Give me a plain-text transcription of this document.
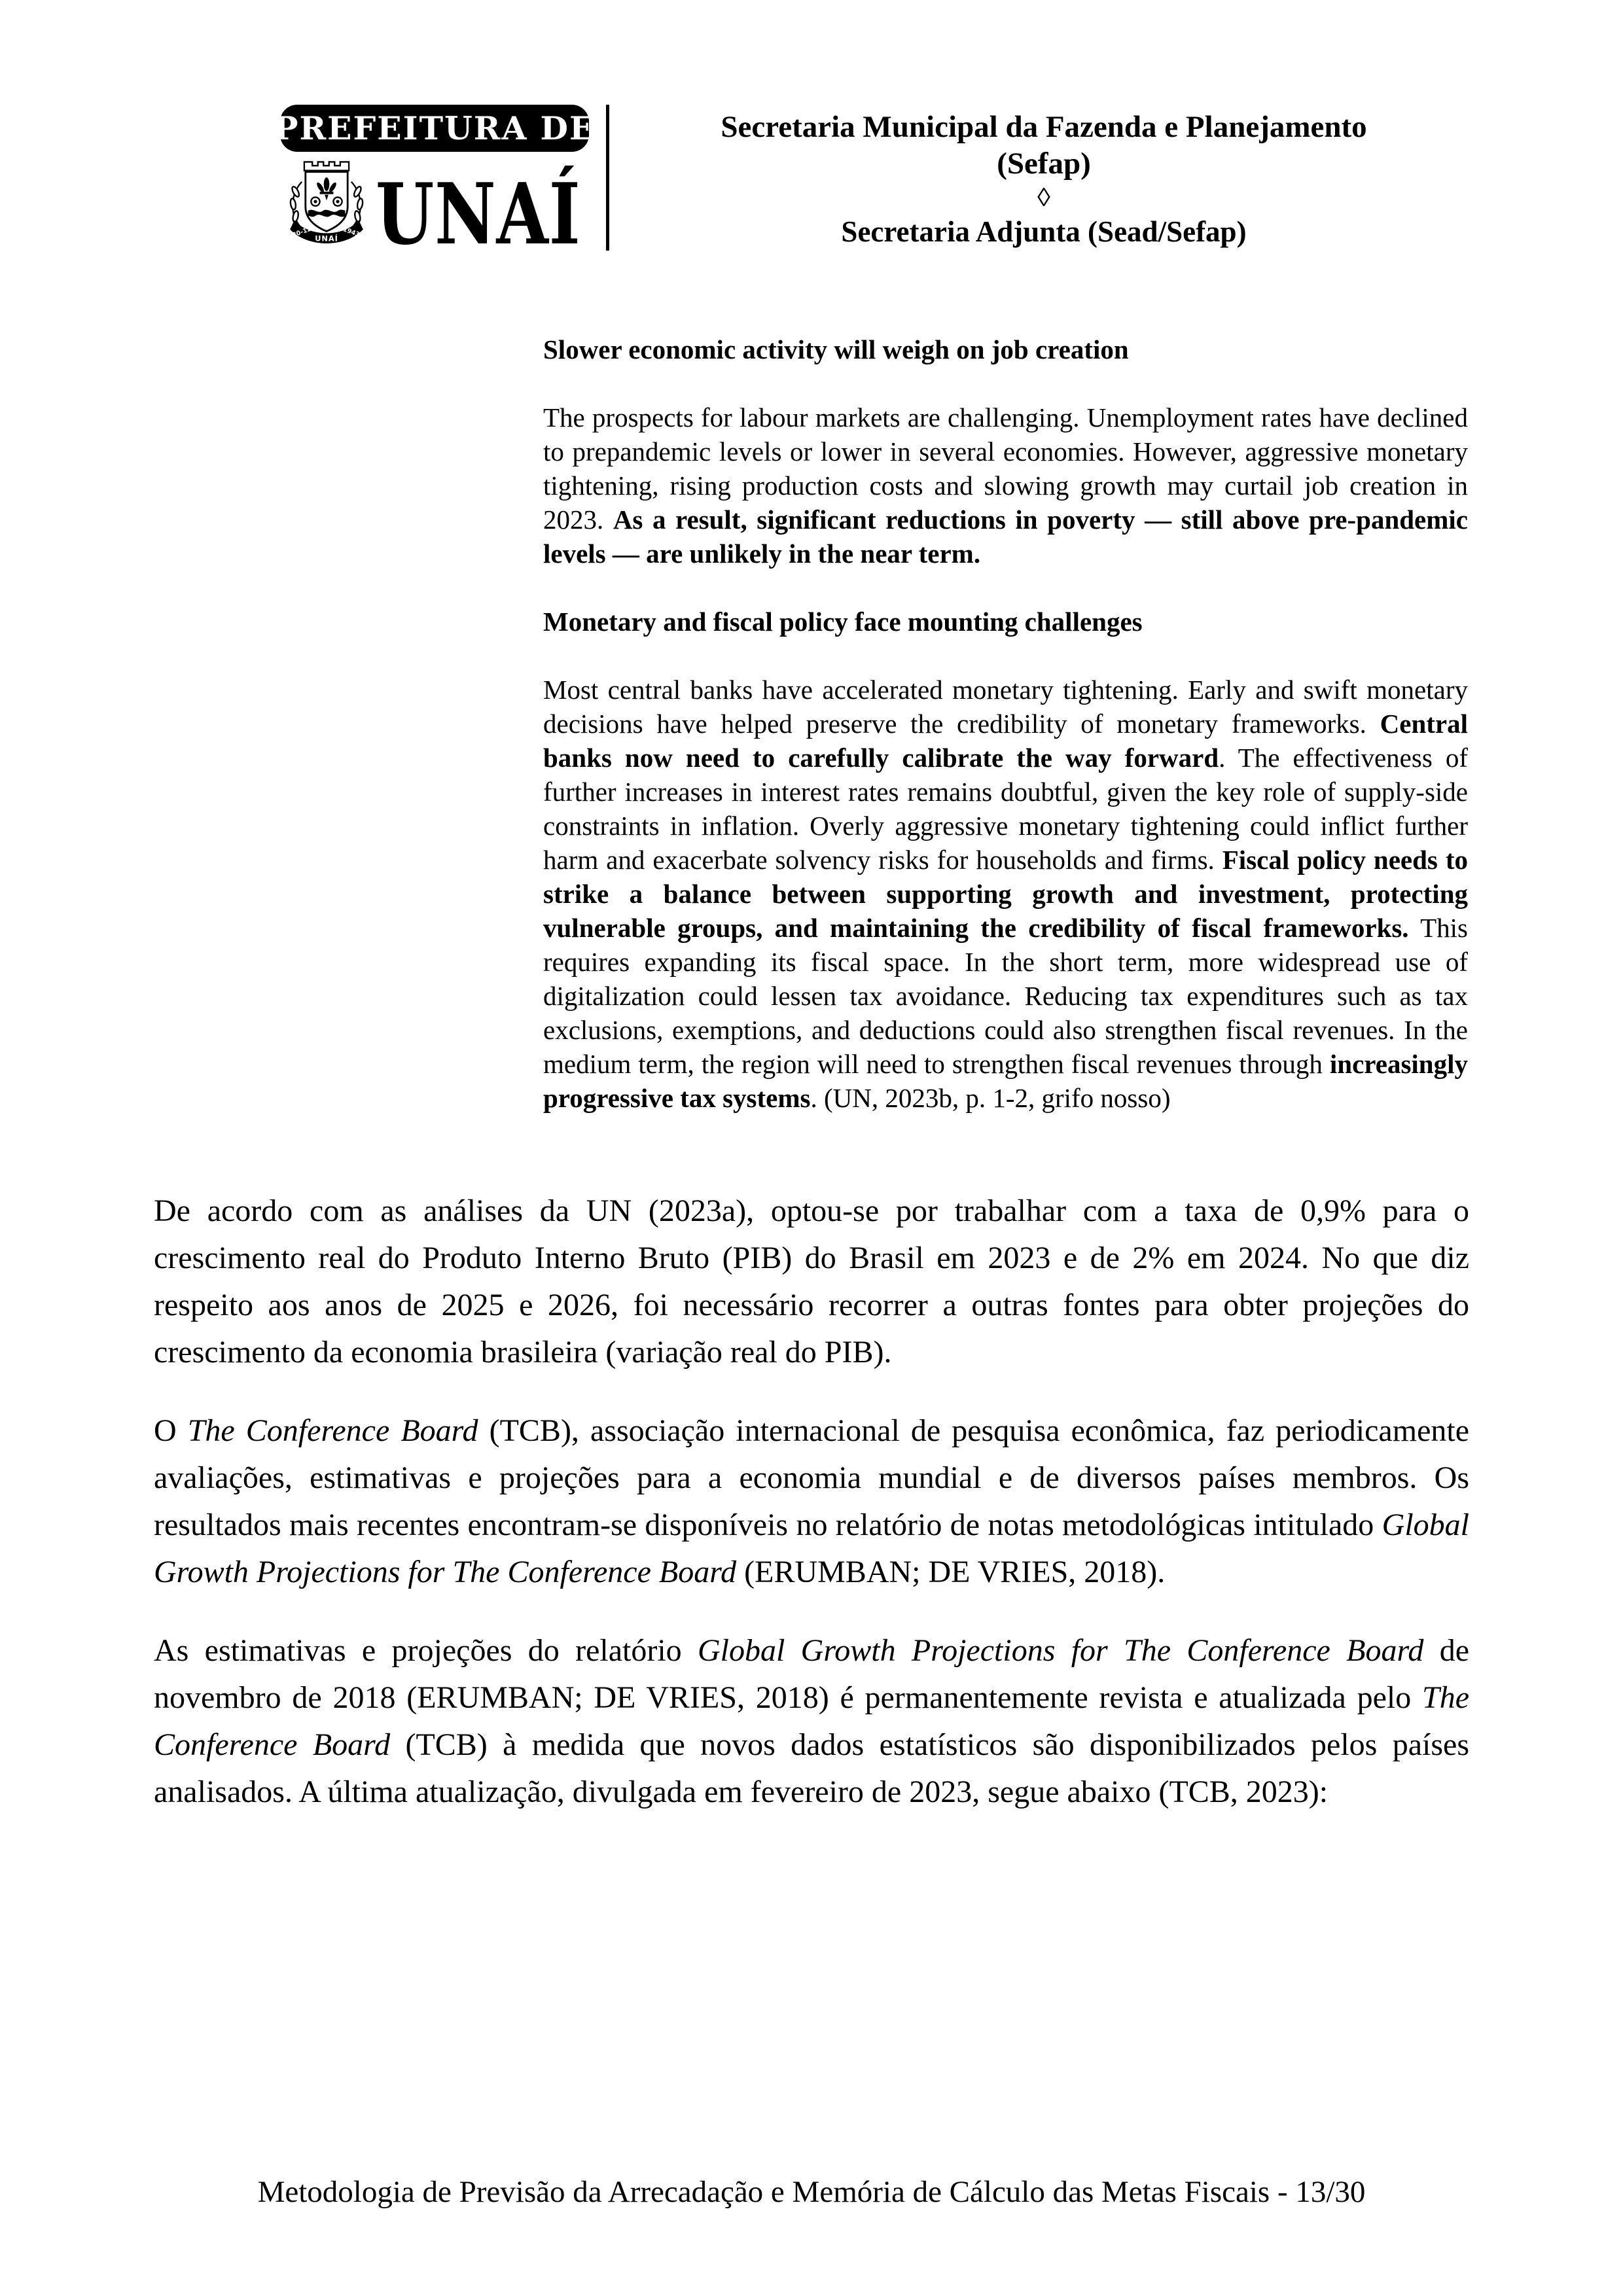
PREFEITURA DE
30-12 UNAÍ
1943 UNAÍ
Secretaria Municipal da Fazenda e Planejamento
(Sefap)
◊
Secretaria Adjunta (Sead/Sefap)
Slower economic activity will weigh on job creation

The prospects for labour markets are challenging. Unemployment rates have declined to prepandemic levels or lower in several economies. However, aggressive monetary tightening, rising production costs and slowing growth may curtail job creation in 2023. As a result, significant reductions in poverty — still above pre-pandemic levels — are unlikely in the near term.

Monetary and fiscal policy face mounting challenges

Most central banks have accelerated monetary tightening. Early and swift monetary decisions have helped preserve the credibility of monetary frameworks. Central banks now need to carefully calibrate the way forward. The effectiveness of further increases in interest rates remains doubtful, given the key role of supply-side constraints in inflation. Overly aggressive monetary tightening could inflict further harm and exacerbate solvency risks for households and firms. Fiscal policy needs to strike a balance between supporting growth and investment, protecting vulnerable groups, and maintaining the credibility of fiscal frameworks. This requires expanding its fiscal space. In the short term, more widespread use of digitalization could lessen tax avoidance. Reducing tax expenditures such as tax exclusions, exemptions, and deductions could also strengthen fiscal revenues. In the medium term, the region will need to strengthen fiscal revenues through increasingly progressive tax systems. (UN, 2023b, p. 1-2, grifo nosso)

De acordo com as análises da UN (2023a), optou-se por trabalhar com a taxa de 0,9% para o crescimento real do Produto Interno Bruto (PIB) do Brasil em 2023 e de 2% em 2024. No que diz respeito aos anos de 2025 e 2026, foi necessário recorrer a outras fontes para obter projeções do crescimento da economia brasileira (variação real do PIB).

O The Conference Board (TCB), associação internacional de pesquisa econômica, faz periodicamente avaliações, estimativas e projeções para a economia mundial e de diversos países membros. Os resultados mais recentes encontram-se disponíveis no relatório de notas metodológicas intitulado Global Growth Projections for The Conference Board (ERUMBAN; DE VRIES, 2018).

As estimativas e projeções do relatório Global Growth Projections for The Conference Board de novembro de 2018 (ERUMBAN; DE VRIES, 2018) é permanentemente revista e atualizada pelo The Conference Board (TCB) à medida que novos dados estatísticos são disponibilizados pelos países analisados. A última atualização, divulgada em fevereiro de 2023, segue abaixo (TCB, 2023):

Metodologia de Previsão da Arrecadação e Memória de Cálculo das Metas Fiscais - 13/30
